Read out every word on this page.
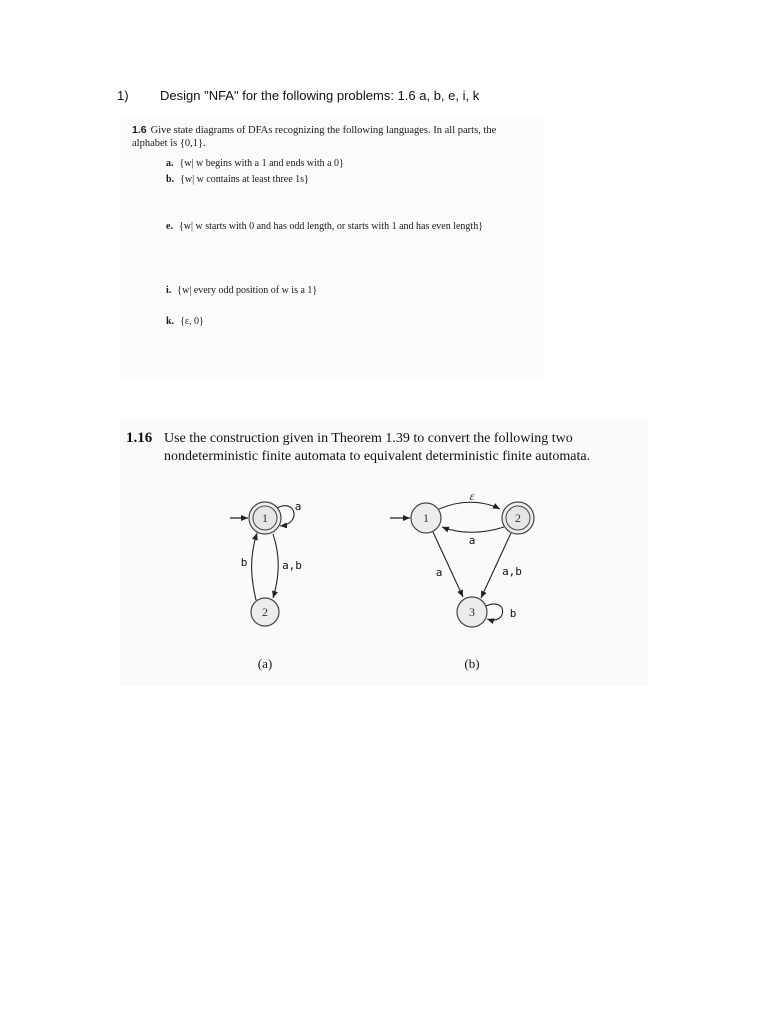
1) Design "NFA" for the following problems: 1.6 a, b, e, i, k
1.6 Give state diagrams of DFAs recognizing the following languages. In all parts, the alphabet is {0,1}.
a. {w| w begins with a 1 and ends with a 0}
b. {w| w contains at least three 1s}
e. {w| w starts with 0 and has odd length, or starts with 1 and has even length}
i. {w| every odd position of w is a 1}
k. {ε, 0}
1.16 Use the construction given in Theorem 1.39 to convert the following two nondeterministic finite automata to equivalent deterministic finite automata.
1
a
2
b	a,b
(a)
1	2
3
ε
a
a	a,b
b
(b)
